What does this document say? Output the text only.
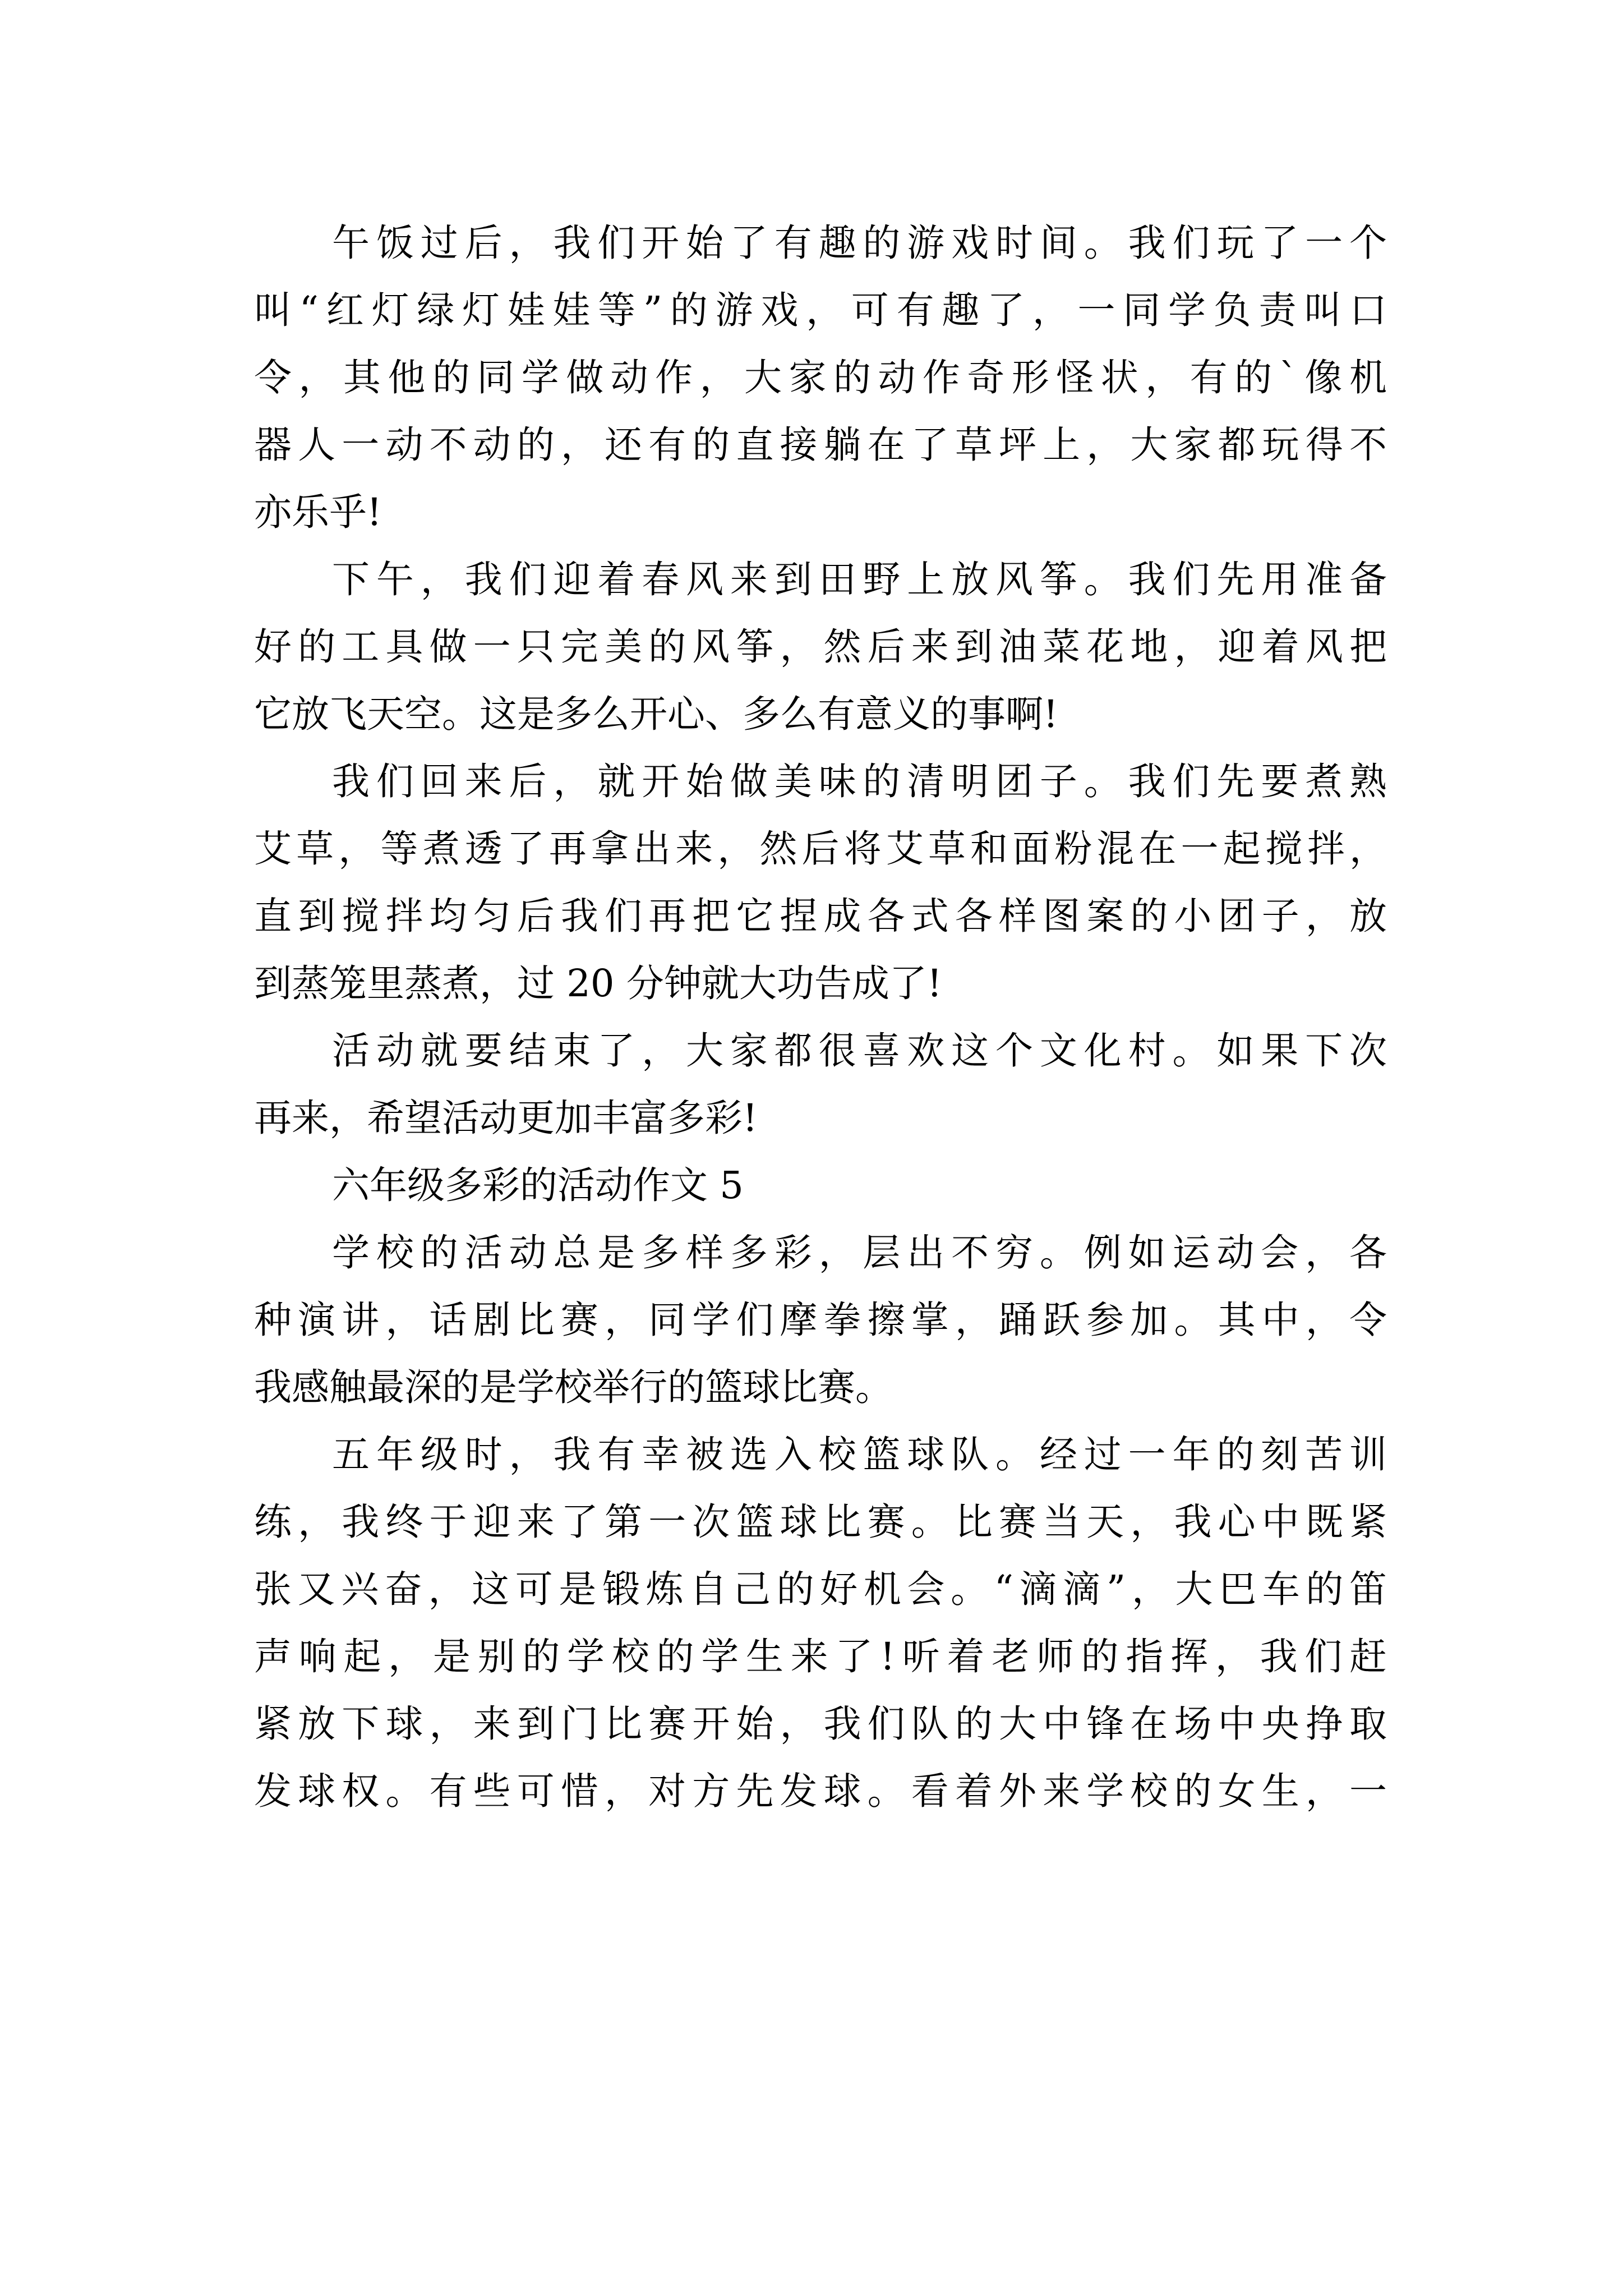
午饭过后，我们开始了有趣的游戏时间。我们玩了一个
叫“红灯绿灯娃娃等”的游戏，可有趣了，一同学负责叫口
令，其他的同学做动作，大家的动作奇形怪状，有的`像机
器人一动不动的，还有的直接躺在了草坪上，大家都玩得不
亦乐乎!
下午，我们迎着春风来到田野上放风筝。我们先用准备
好的工具做一只完美的风筝，然后来到油菜花地，迎着风把
它放飞天空。这是多么开心、多么有意义的事啊!
我们回来后，就开始做美味的清明团子。我们先要煮熟
艾草，等煮透了再拿出来，然后将艾草和面粉混在一起搅拌，
直到搅拌均匀后我们再把它捏成各式各样图案的小团子，放
到蒸笼里蒸煮，过 20 分钟就大功告成了!
活动就要结束了，大家都很喜欢这个文化村。如果下次
再来，希望活动更加丰富多彩!
六年级多彩的活动作文 5
学校的活动总是多样多彩，层出不穷。例如运动会，各
种演讲，话剧比赛，同学们摩拳擦掌，踊跃参加。其中，令
我感触最深的是学校举行的篮球比赛。
五年级时，我有幸被选入校篮球队。经过一年的刻苦训
练，我终于迎来了第一次篮球比赛。比赛当天，我心中既紧
张又兴奋，这可是锻炼自己的好机会。“滴滴”，大巴车的笛
声响起，是别的学校的学生来了!听着老师的指挥，我们赶
紧放下球，来到门比赛开始，我们队的大中锋在场中央挣取
发球权。有些可惜，对方先发球。看着外来学校的女生，一
